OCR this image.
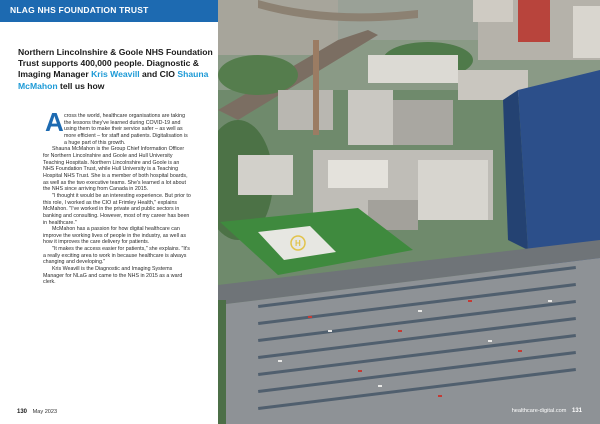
NLAG NHS FOUNDATION TRUST
Northern Lincolnshire & Goole NHS Foundation Trust supports 400,000 people. Diagnostic & Imaging Manager Kris Weavill and CIO Shauna McMahon tell us how
A cross the world, healthcare organisations are taking the lessons they've learned during COVID-19 and using them to make their service safer – as well as more efficient – for staff and patients. Digitalisation is a huge part of this growth.

Shauna McMahon is the Group Chief Information Officer for Northern Lincolnshire and Goole and Hull University Teaching Hospitals. Northern Lincolnshire and Goole is an NHS Foundation Trust, while Hull University is a Teaching Hospital NHS Trust. She is a member of both hospital boards, as well as the two executive teams. She's learned a lot about the NHS since arriving from Canada in 2015.

"I thought it would be an interesting experience. But prior to this role, I worked as the CIO at Frimley Health," explains McMahon. "I've worked in the private and public sectors in banking and consulting. However, most of my career has been in healthcare."

McMahon has a passion for how digital healthcare can improve the working lives of people in the industry, as well as how it improves the care delivery for patients.

"It makes the access easier for patients," she explains. "It's a really exciting area to work in because healthcare is always changing and developing."

Kris Weavill is the Diagnostic and Imaging Systems Manager for NLaG and came to the NHS in 2015 as a ward clerk.

130 May 2023
H
healthcare-digital.com 131
